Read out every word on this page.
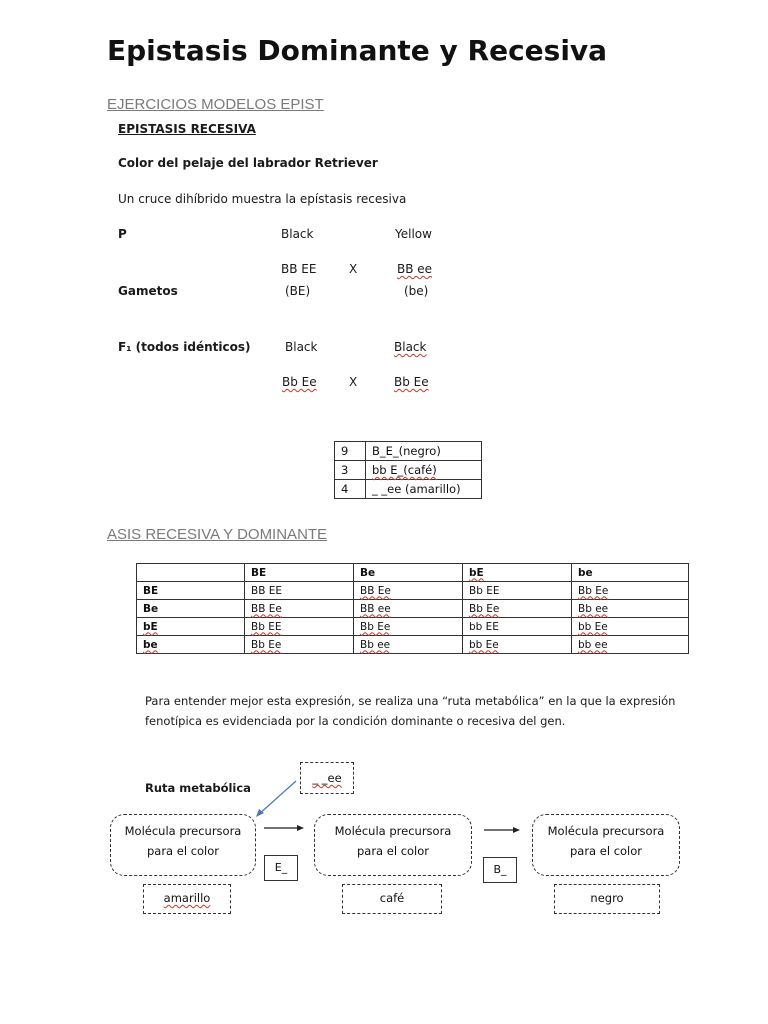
Epistasis Dominante y Recesiva
EJERCICIOS MODELOS EPIST
EPISTASIS RECESIVA
Color del pelaje del labrador Retriever
Un cruce dihíbrido muestra la epístasis recesiva
P	Black	Yellow
BB EE	X	BB ee
Gametos	(BE)	(be)
F₁ (todos idénticos)	Black	Black
Bb Ee	X	Bb Ee
9	B_E_(negro)
3	bb E_(café)
4	_ _ee (amarillo)
ASIS RECESIVA Y DOMINANTE
	BE	Be	bE	be
BE	BB EE	BB Ee	Bb EE	Bb Ee
Be	BB Ee	BB ee	Bb Ee	Bb ee
bE	Bb EE	Bb Ee	bb EE	bb Ee
be	Bb Ee	Bb ee	bb Ee	bb ee
Para entender mejor esta expresión, se realiza una “ruta metabólica” en la que la expresión
fenotípica es evidenciada por la condición dominante o recesiva del gen.
Ruta metabólica
_ _ee
Molécula precursora
para el color
Molécula precursora
para el color
Molécula precursora
para el color
E_	B_
amarillo	café	negro
